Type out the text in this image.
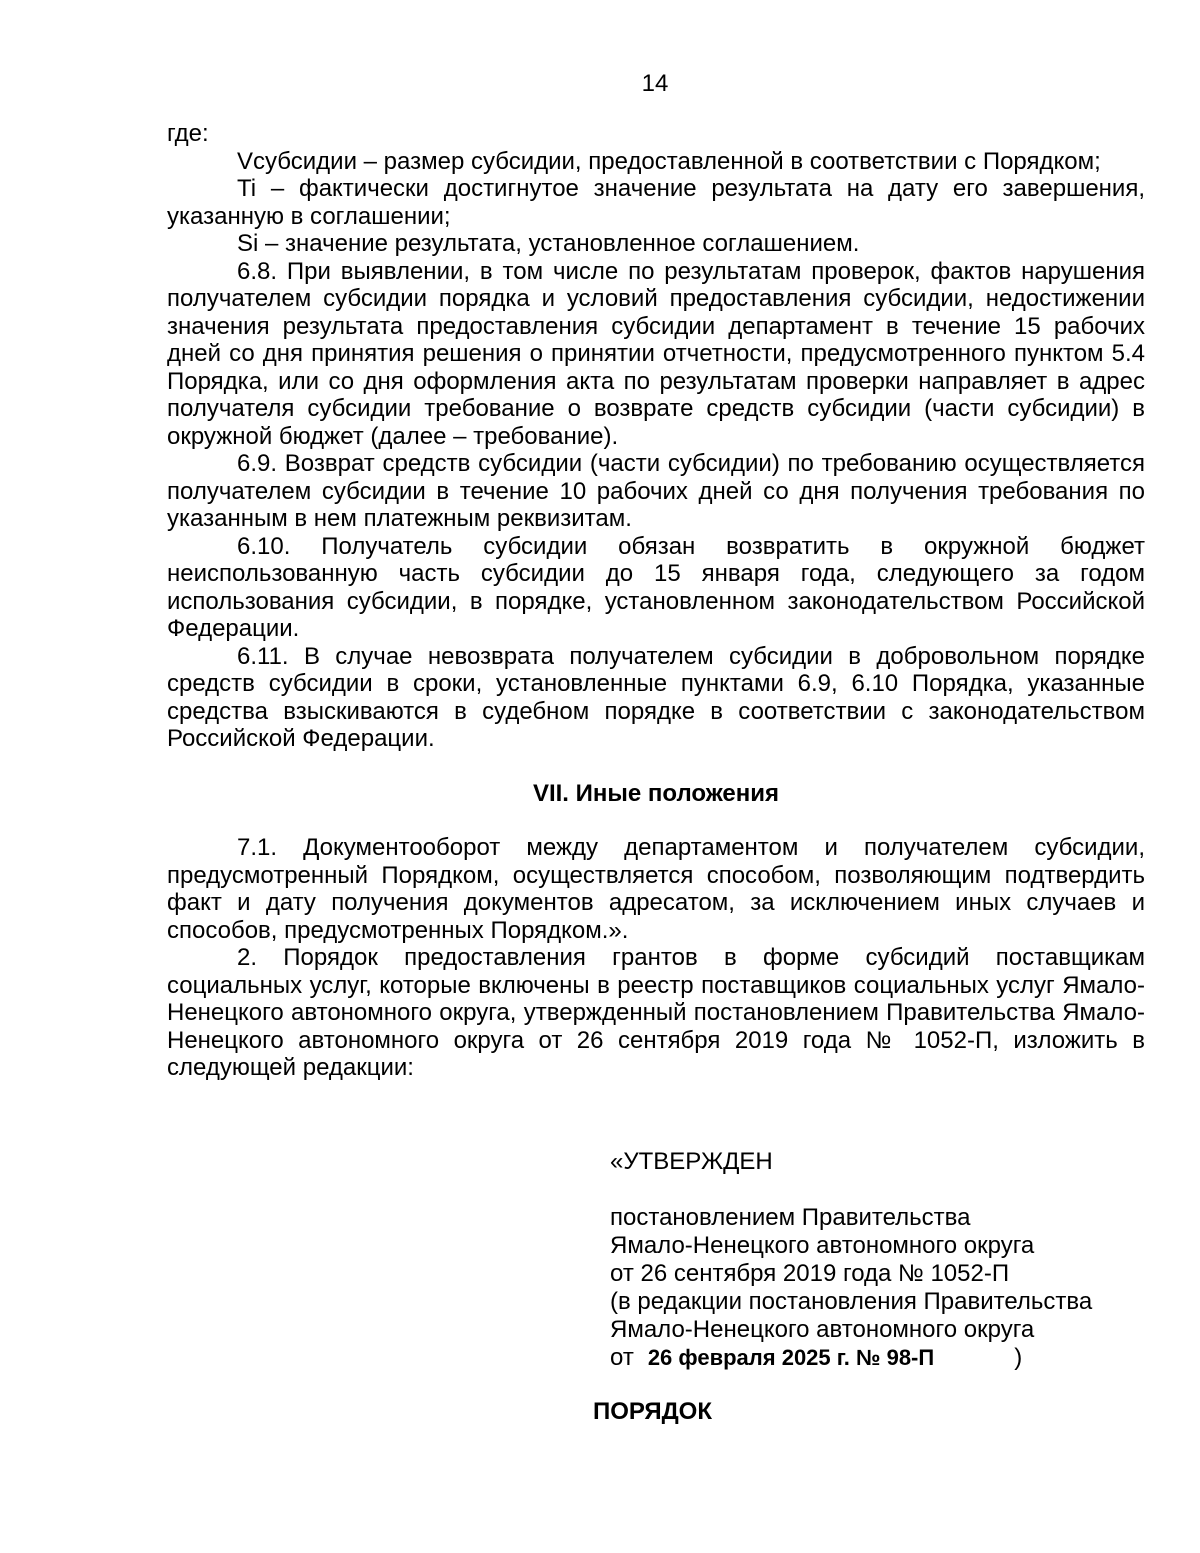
14

где:

Vсубсидии – размер субсидии, предоставленной в соответствии с Порядком;

Ti – фактически достигнутое значение результата на дату его завершения, указанную в соглашении;

Si – значение результата, установленное соглашением.

6.8. При выявлении, в том числе по результатам проверок, фактов нарушения получателем субсидии порядка и условий предоставления субсидии, недостижении значения результата предоставления субсидии департамент в течение 15 рабочих дней со дня принятия решения о принятии отчетности, предусмотренного пунктом 5.4 Порядка, или со дня оформления акта по результатам проверки направляет в адрес получателя субсидии требование о возврате средств субсидии (части субсидии) в окружной бюджет (далее – требование).

6.9. Возврат средств субсидии (части субсидии) по требованию осуществляется получателем субсидии в течение 10 рабочих дней со дня получения требования по указанным в нем платежным реквизитам.

6.10. Получатель субсидии обязан возвратить в окружной бюджет неиспользованную часть субсидии до 15 января года, следующего за годом использования субсидии, в порядке, установленном законодательством Российской Федерации.

6.11. В случае невозврата получателем субсидии в добровольном порядке средств субсидии в сроки, установленные пунктами 6.9, 6.10 Порядка, указанные средства взыскиваются в судебном порядке в соответствии с законодательством Российской Федерации.

VII. Иные положения

7.1. Документооборот между департаментом и получателем субсидии, предусмотренный Порядком, осуществляется способом, позволяющим подтвердить факт и дату получения документов адресатом, за исключением иных случаев и способов, предусмотренных Порядком.».

2. Порядок предоставления грантов в форме субсидий поставщикам социальных услуг, которые включены в реестр поставщиков социальных услуг Ямало-Ненецкого автономного округа, утвержденный постановлением Правительства Ямало-Ненецкого автономного округа от 26 сентября 2019 года № 1052-П, изложить в следующей редакции:

«УТВЕРЖДЕН
постановлением Правительства
Ямало-Ненецкого автономного округа
от 26 сентября 2019 года № 1052-П
(в редакции постановления Правительства
Ямало-Ненецкого автономного округа
от 26 февраля 2025 г. № 98-П	)
ПОРЯДОК
